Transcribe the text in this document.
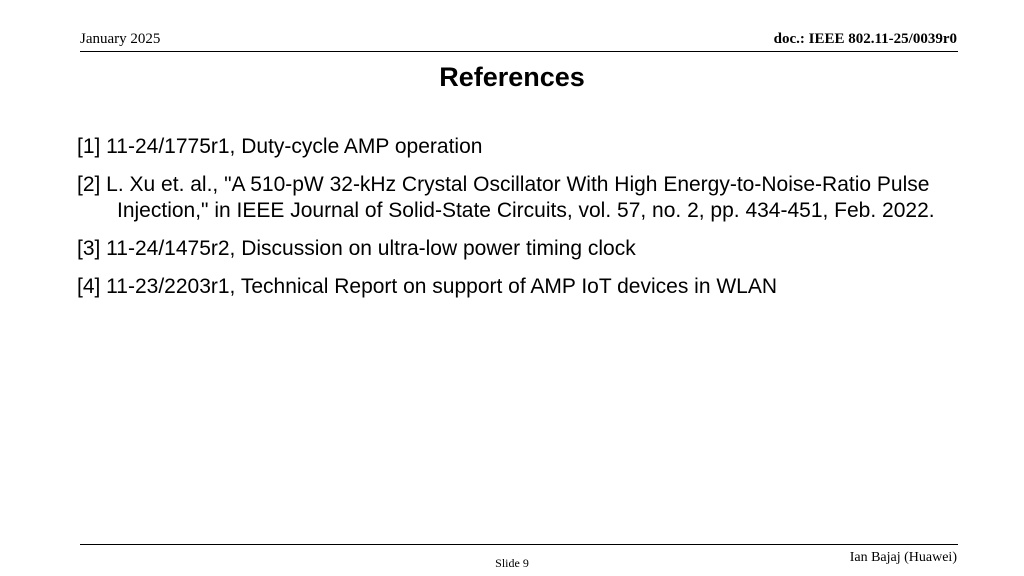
January 2025	doc.: IEEE 802.11-25/0039r0
References
[1] 11-24/1775r1, Duty-cycle AMP operation
[2] L. Xu et. al., "A 510-pW 32-kHz Crystal Oscillator With High Energy-to-Noise-Ratio Pulse Injection," in IEEE Journal of Solid-State Circuits, vol. 57, no. 2, pp. 434-451, Feb. 2022.
[3] 11-24/1475r2, Discussion on ultra-low power timing clock
[4] 11-23/2203r1, Technical Report on support of AMP IoT devices in WLAN
Slide 9	Ian Bajaj (Huawei)
